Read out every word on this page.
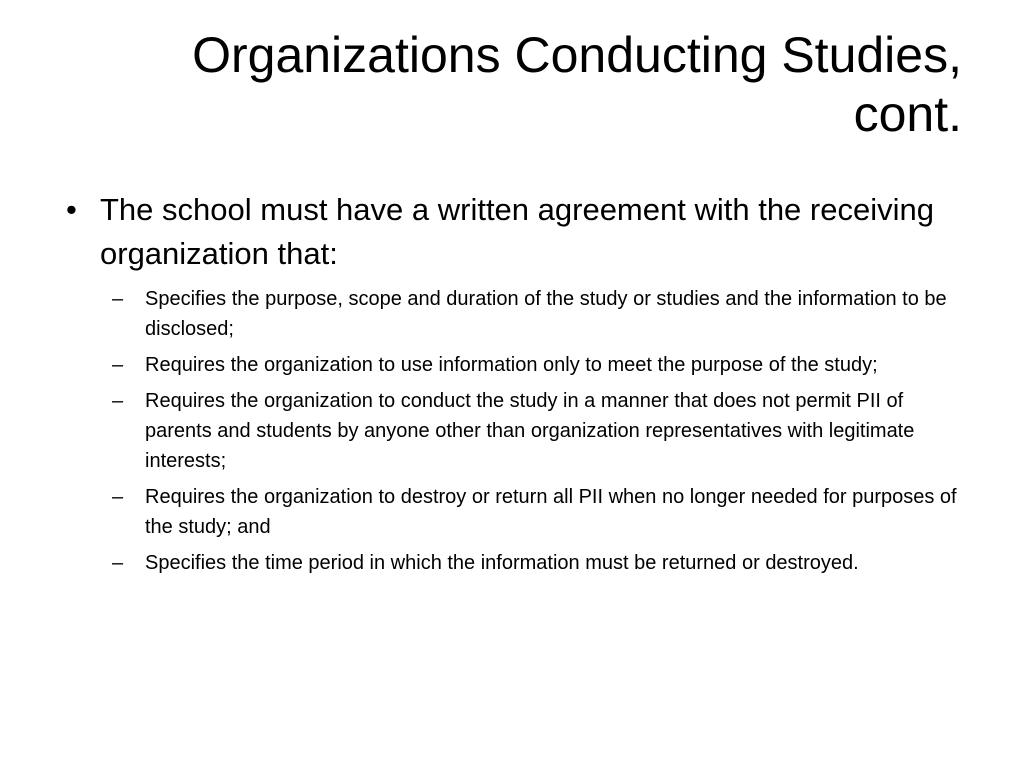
Organizations Conducting Studies,
cont.
• The school must have a written agreement with the receiving organization that:
– Specifies the purpose, scope and duration of the study or studies and the information to be disclosed;
– Requires the organization to use information only to meet the purpose of the study;
– Requires the organization to conduct the study in a manner that does not permit PII of parents and students by anyone other than organization representatives with legitimate interests;
– Requires the organization to destroy or return all PII when no longer needed for purposes of the study; and
– Specifies the time period in which the information must be returned or destroyed.
